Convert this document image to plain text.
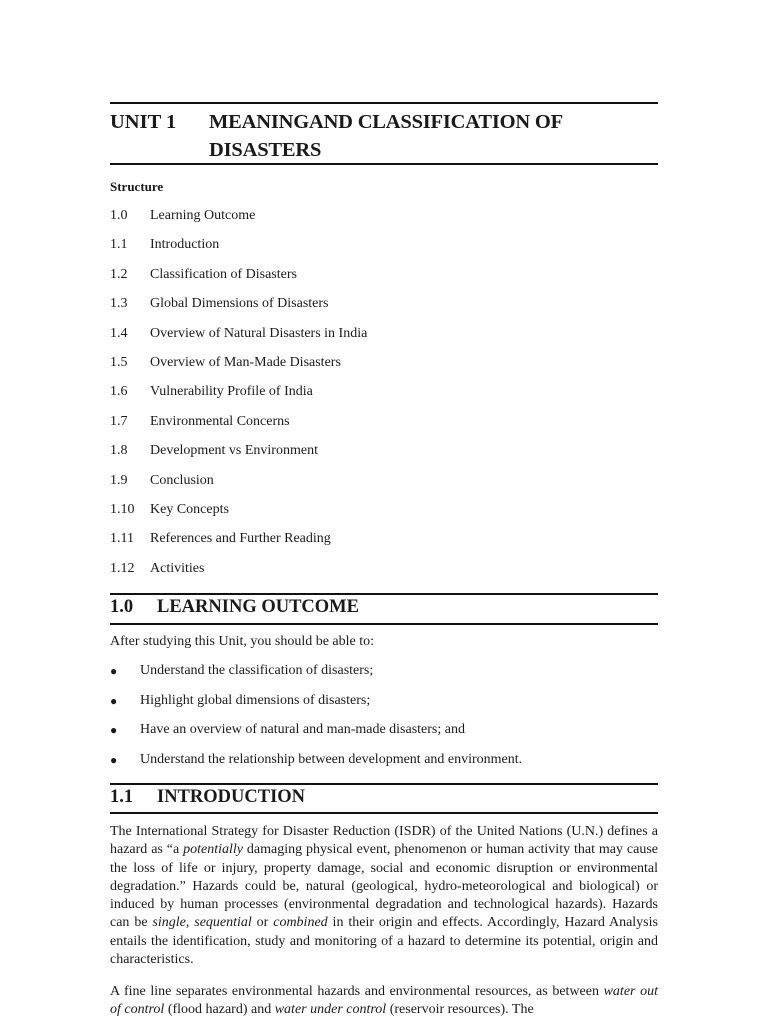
UNIT 1 MEANINGAND CLASSIFICATION OF DISASTERS
Structure
1.0 Learning Outcome
1.1 Introduction
1.2 Classification of Disasters
1.3 Global Dimensions of Disasters
1.4 Overview of Natural Disasters in India
1.5 Overview of Man-Made Disasters
1.6 Vulnerability Profile of India
1.7 Environmental Concerns
1.8 Development vs Environment
1.9 Conclusion
1.10 Key Concepts
1.11 References and Further Reading
1.12 Activities
1.0 LEARNING OUTCOME

After studying this Unit, you should be able to:

● Understand the classification of disasters;
● Highlight global dimensions of disasters;
● Have an overview of natural and man-made disasters; and
● Understand the relationship between development and environment.
1.1 INTRODUCTION

The International Strategy for Disaster Reduction (ISDR) of the United Nations (U.N.) defines a hazard as “a potentially damaging physical event, phenomenon or human activity that may cause the loss of life or injury, property damage, social and economic disruption or environmental degradation.” Hazards could be, natural (geological, hydro-meteorological and biological) or induced by human processes (environmental degradation and technological hazards). Hazards can be single, sequential or combined in their origin and effects. Accordingly, Hazard Analysis entails the identification, study and monitoring of a hazard to determine its potential, origin and characteristics.

A fine line separates environmental hazards and environmental resources, as between water out of control (flood hazard) and water under control (reservoir resources). The
